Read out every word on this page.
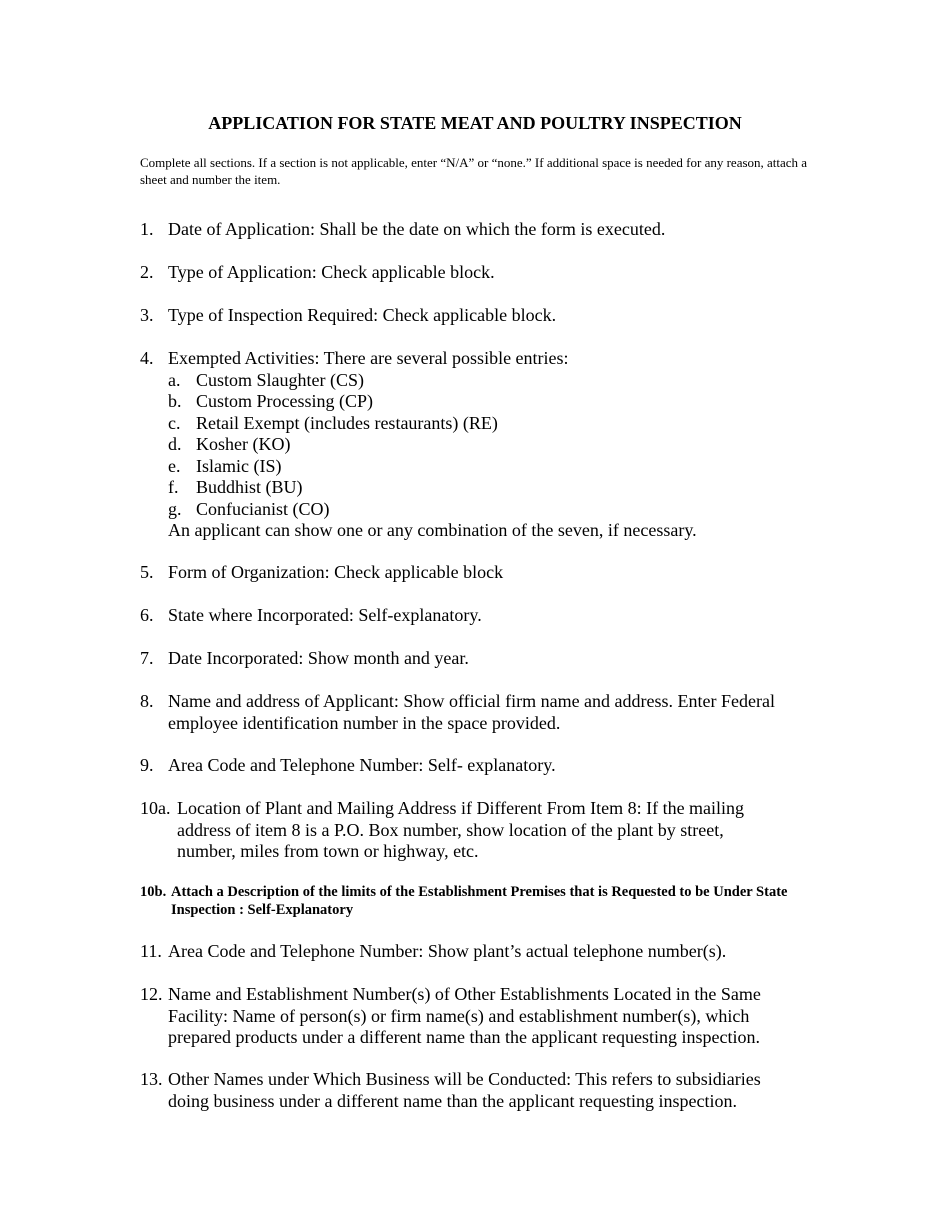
APPLICATION FOR STATE MEAT AND POULTRY INSPECTION
Complete all sections. If a section is not applicable, enter “N/A” or “none.” If additional space is needed for any reason, attach a sheet and number the item.
1. Date of Application: Shall be the date on which the form is executed.
2. Type of Application: Check applicable block.
3. Type of Inspection Required: Check applicable block.
4. Exempted Activities: There are several possible entries:
a. Custom Slaughter (CS)
b. Custom Processing (CP)
c. Retail Exempt (includes restaurants) (RE)
d. Kosher (KO)
e. Islamic (IS)
f. Buddhist (BU)
g. Confucianist (CO)
An applicant can show one or any combination of the seven, if necessary.
5. Form of Organization: Check applicable block
6. State where Incorporated: Self-explanatory.
7. Date Incorporated: Show month and year.
8. Name and address of Applicant: Show official firm name and address. Enter Federal employee identification number in the space provided.
9. Area Code and Telephone Number: Self- explanatory.
10a. Location of Plant and Mailing Address if Different From Item 8: If the mailing address of item 8 is a P.O. Box number, show location of the plant by street, number, miles from town or highway, etc.
10b. Attach a Description of the limits of the Establishment Premises that is Requested to be Under State Inspection : Self-Explanatory
11. Area Code and Telephone Number: Show plant’s actual telephone number(s).
12. Name and Establishment Number(s) of Other Establishments Located in the Same Facility: Name of person(s) or firm name(s) and establishment number(s), which prepared products under a different name than the applicant requesting inspection.
13. Other Names under Which Business will be Conducted: This refers to subsidiaries doing business under a different name than the applicant requesting inspection.
